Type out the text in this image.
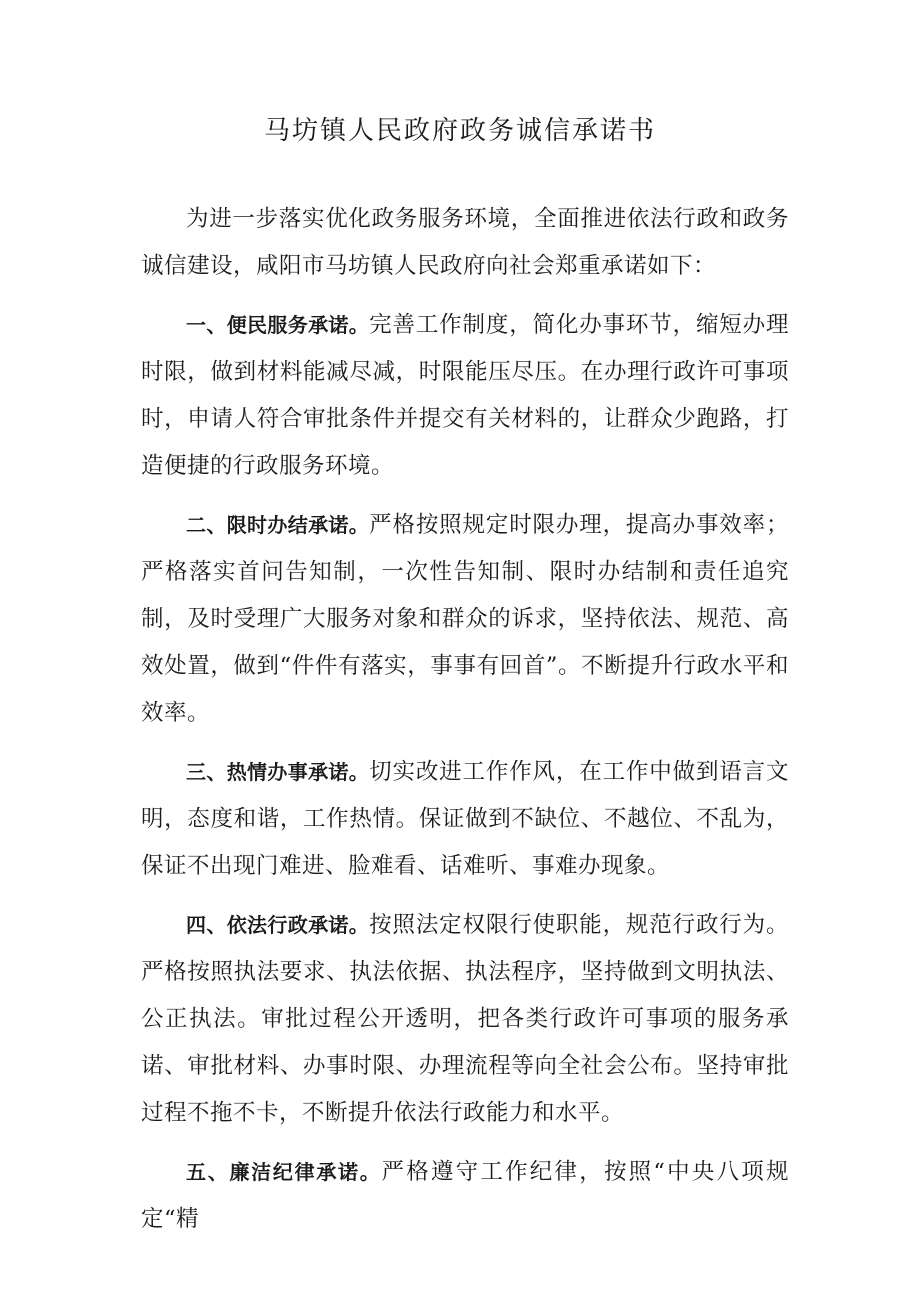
马坊镇人民政府政务诚信承诺书

为进一步落实优化政务服务环境，全面推进依法行政和政务诚信建设，咸阳市马坊镇人民政府向社会郑重承诺如下：

一、便民服务承诺。完善工作制度，简化办事环节，缩短办理时限，做到材料能减尽减，时限能压尽压。在办理行政许可事项时，申请人符合审批条件并提交有关材料的，让群众少跑路，打造便捷的行政服务环境。

二、限时办结承诺。严格按照规定时限办理，提高办事效率；严格落实首问告知制，一次性告知制、限时办结制和责任追究制，及时受理广大服务对象和群众的诉求，坚持依法、规范、高效处置，做到“件件有落实，事事有回首”。不断提升行政水平和效率。

三、热情办事承诺。切实改进工作作风，在工作中做到语言文明，态度和谐，工作热情。保证做到不缺位、不越位、不乱为，保证不出现门难进、脸难看、话难听、事难办现象。

四、依法行政承诺。按照法定权限行使职能，规范行政行为。严格按照执法要求、执法依据、执法程序，坚持做到文明执法、公正执法。审批过程公开透明，把各类行政许可事项的服务承诺、审批材料、办事时限、办理流程等向全社会公布。坚持审批过程不拖不卡，不断提升依法行政能力和水平。

五、廉洁纪律承诺。严格遵守工作纪律，按照“中央八项规定“精
